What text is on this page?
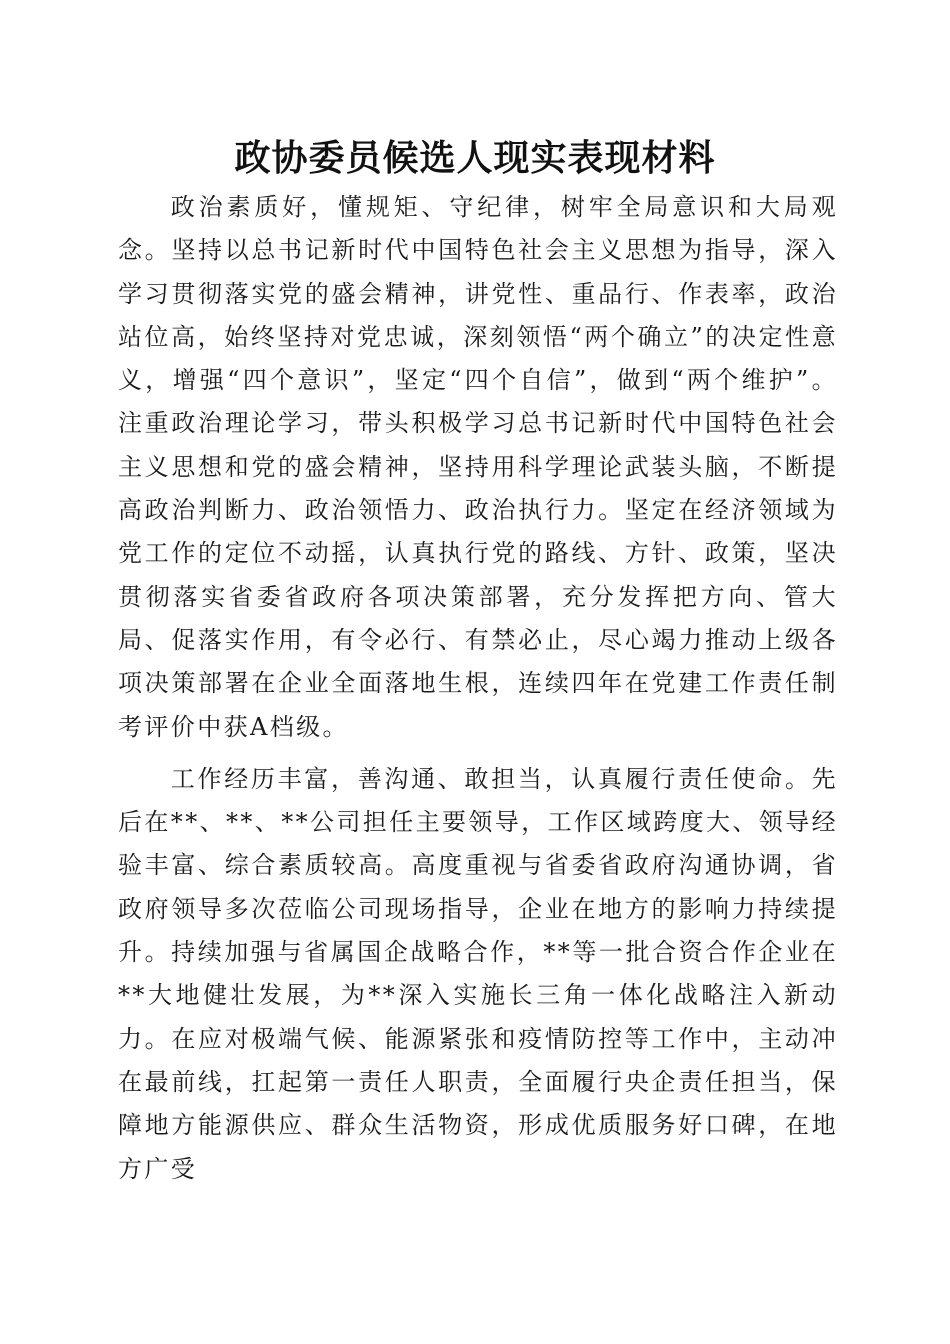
政协委员候选人现实表现材料

政治素质好，懂规矩、守纪律，树牢全局意识和大局观念。坚持以总书记新时代中国特色社会主义思想为指导，深入学习贯彻落实党的盛会精神，讲党性、重品行、作表率，政治站位高，始终坚持对党忠诚，深刻领悟“两个确立”的决定性意义，增强“四个意识”，坚定“四个自信”，做到“两个维护”。注重政治理论学习，带头积极学习总书记新时代中国特色社会主义思想和党的盛会精神，坚持用科学理论武装头脑，不断提高政治判断力、政治领悟力、政治执行力。坚定在经济领域为党工作的定位不动摇，认真执行党的路线、方针、政策，坚决贯彻落实省委省政府各项决策部署，充分发挥把方向、管大局、促落实作用，有令必行、有禁必止，尽心竭力推动上级各项决策部署在企业全面落地生根，连续四年在党建工作责任制考评价中获A档级。

工作经历丰富，善沟通、敢担当，认真履行责任使命。先后在**、**、**公司担任主要领导，工作区域跨度大、领导经验丰富、综合素质较高。高度重视与省委省政府沟通协调，省政府领导多次莅临公司现场指导，企业在地方的影响力持续提升。持续加强与省属国企战略合作，**等一批合资合作企业在**大地健壮发展，为**深入实施长三角一体化战略注入新动力。在应对极端气候、能源紧张和疫情防控等工作中，主动冲在最前线，扛起第一责任人职责，全面履行央企责任担当，保障地方能源供应、群众生活物资，形成优质服务好口碑，在地方广受
